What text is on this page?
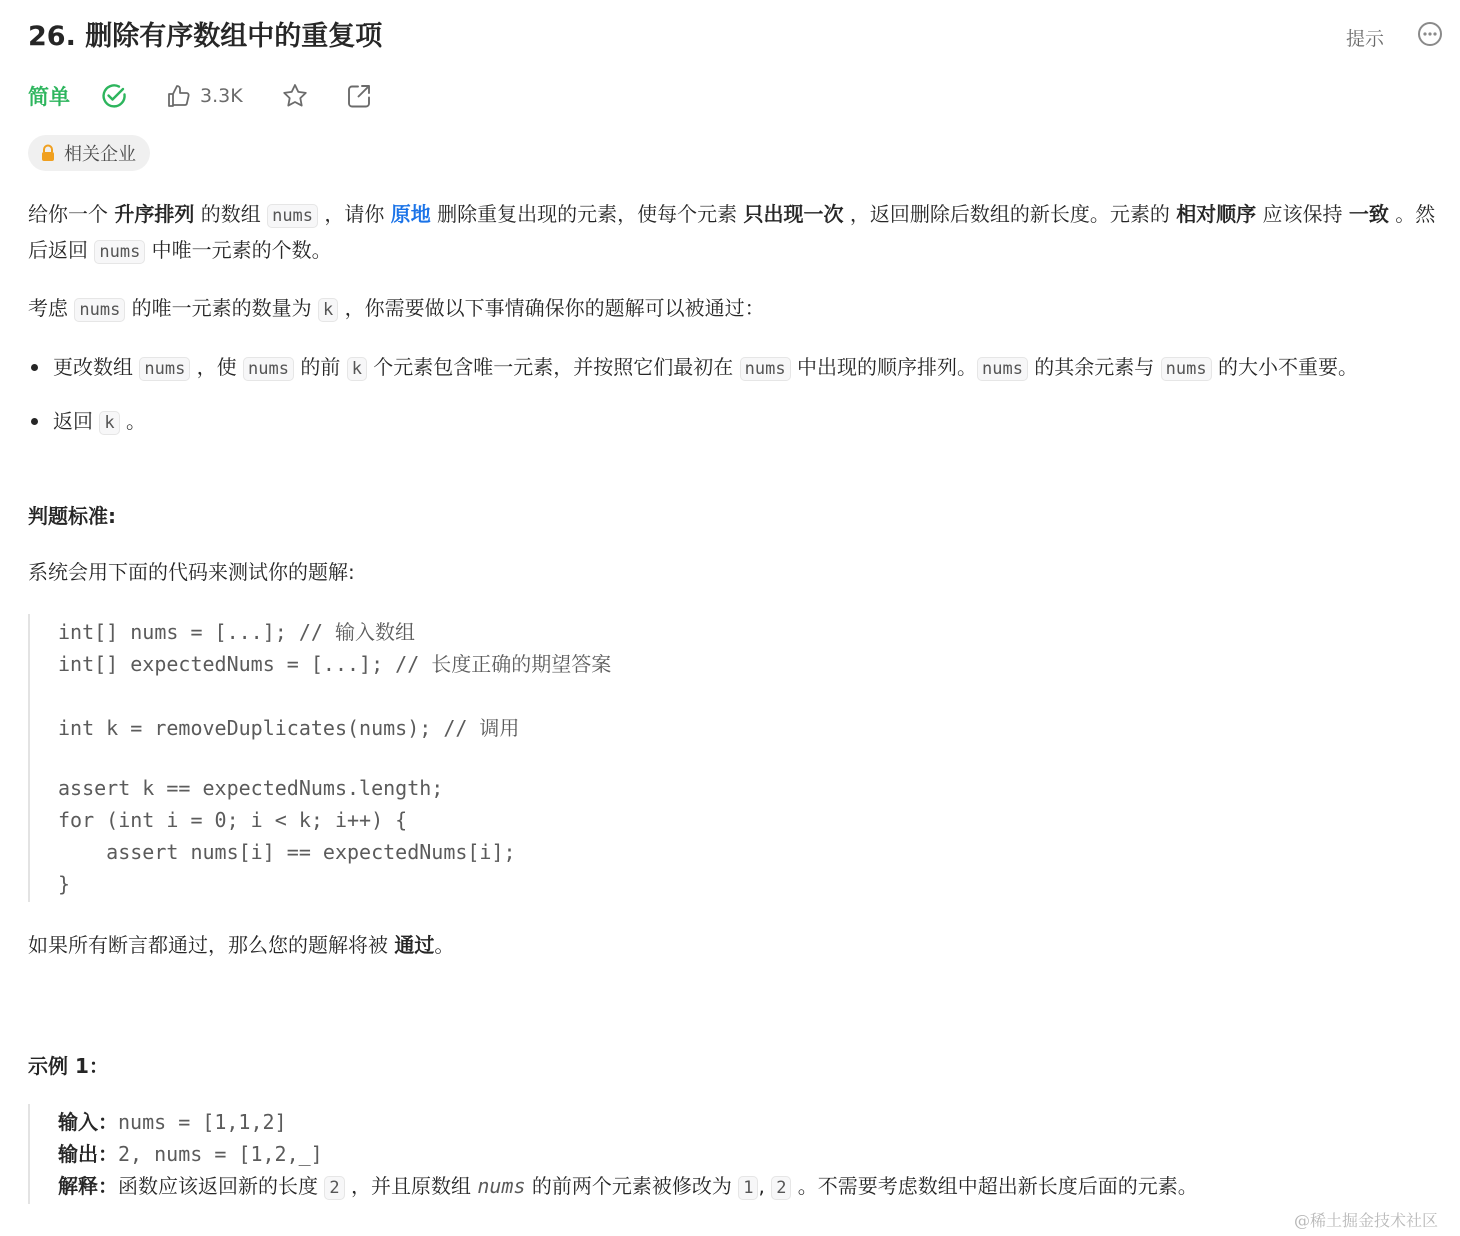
26. 删除有序数组中的重复项	提示
简单	3.3K
相关企业
给你一个 升序排列 的数组 nums ，请你 原地 删除重复出现的元素，使每个元素 只出现一次 ，返回删除后数组的新长度。元素的 相对顺序 应该保持 一致 。然后返回 nums 中唯一元素的个数。
考虑 nums 的唯一元素的数量为 k ，你需要做以下事情确保你的题解可以被通过：
更改数组 nums ，使 nums 的前 k 个元素包含唯一元素，并按照它们最初在 nums 中出现的顺序排列。 nums 的其余元素与 nums 的大小不重要。
返回 k 。
判题标准:
系统会用下面的代码来测试你的题解:
int[] nums = [...]; // 输入数组
int[] expectedNums = [...]; // 长度正确的期望答案
int k = removeDuplicates(nums); // 调用
assert k == expectedNums.length;
for (int i = 0; i < k; i++) {
assert nums[i] == expectedNums[i];
}
如果所有断言都通过，那么您的题解将被 通过。
示例 1：
输入：nums = [1,1,2]
输出：2, nums = [1,2,_]
解释：函数应该返回新的长度 2 ，并且原数组 nums 的前两个元素被修改为 1 , 2 。不需要考虑数组中超出新长度后面的元素。
@稀土掘金技术社区
